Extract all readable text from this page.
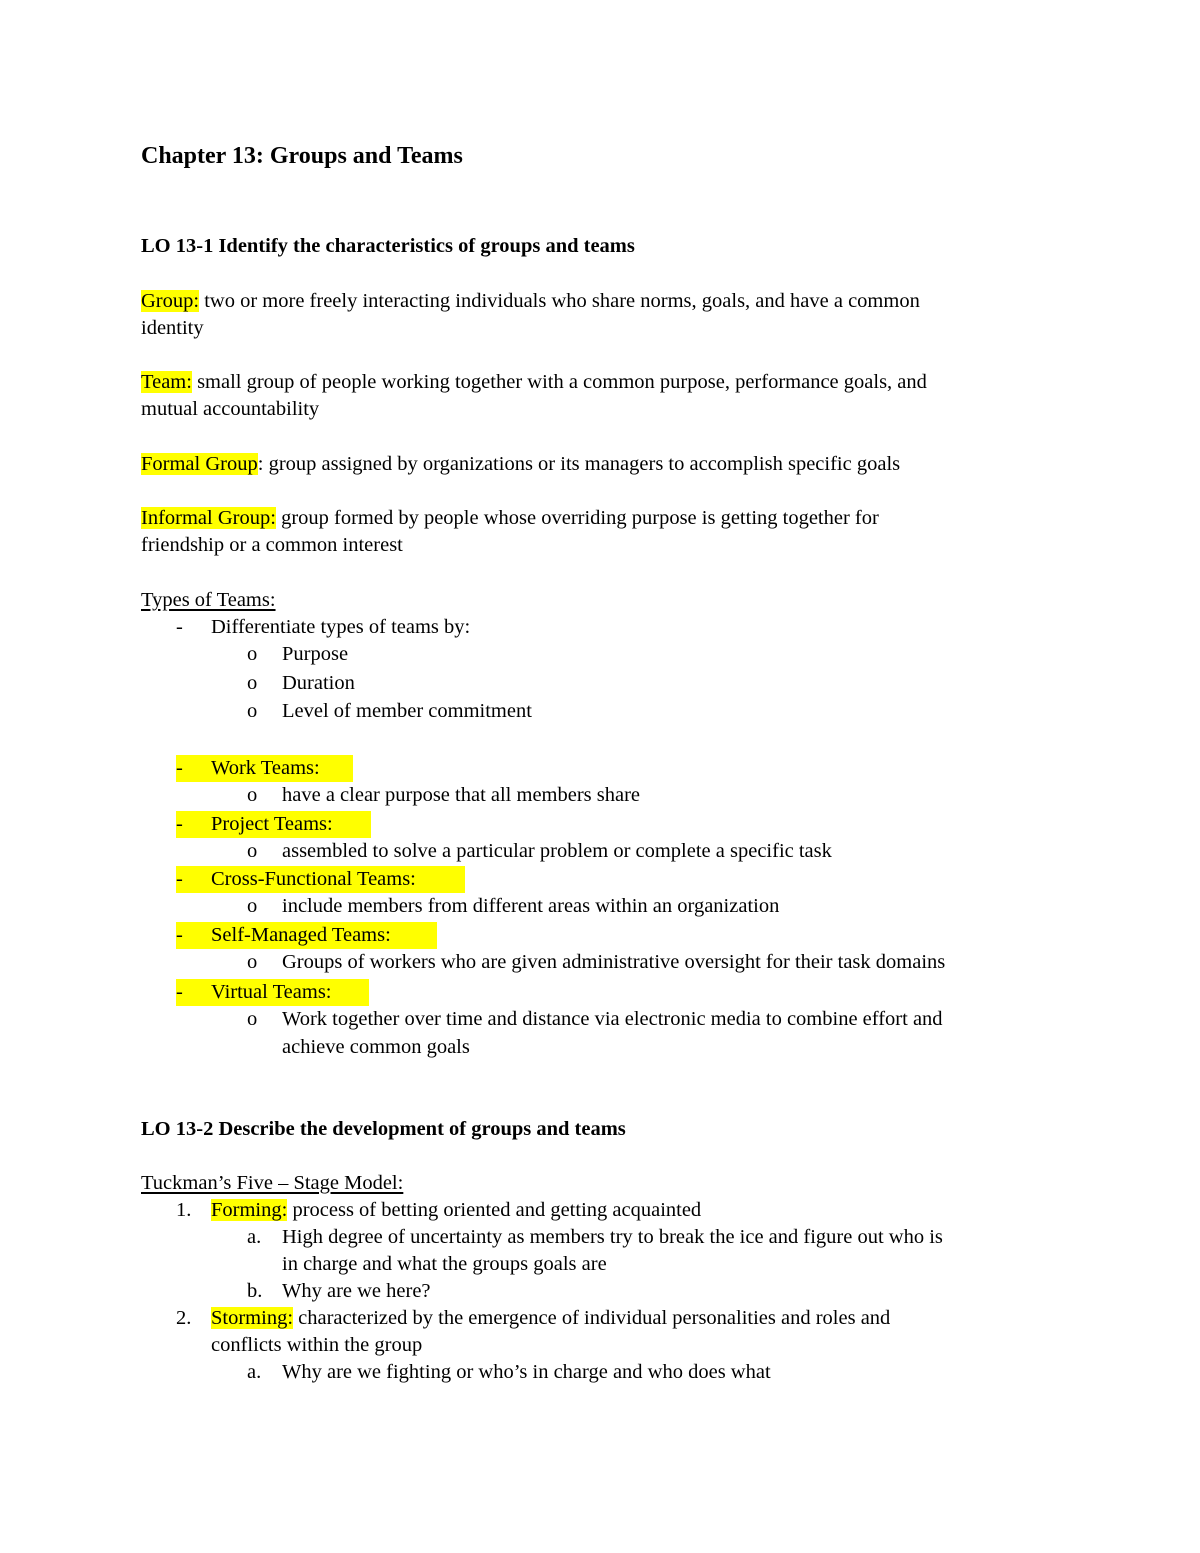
Chapter 13: Groups and Teams
LO 13-1 Identify the characteristics of groups and teams
Group: two or more freely interacting individuals who share norms, goals, and have a common
identity
Team: small group of people working together with a common purpose, performance goals, and
mutual accountability
Formal Group: group assigned by organizations or its managers to accomplish specific goals
Informal Group: group formed by people whose overriding purpose is getting together for
friendship or a common interest
Types of Teams:
- Differentiate types of teams by:
o Purpose
o Duration
o Level of member commitment
- Work Teams:
o have a clear purpose that all members share
- Project Teams:
o assembled to solve a particular problem or complete a specific task
- Cross-Functional Teams:
o include members from different areas within an organization
- Self-Managed Teams:
o Groups of workers who are given administrative oversight for their task domains
- Virtual Teams:
o Work together over time and distance via electronic media to combine effort and
achieve common goals
LO 13-2 Describe the development of groups and teams
Tuckman’s Five – Stage Model:
1. Forming: process of betting oriented and getting acquainted
a. High degree of uncertainty as members try to break the ice and figure out who is
in charge and what the groups goals are
b. Why are we here?
2. Storming: characterized by the emergence of individual personalities and roles and
conflicts within the group
a. Why are we fighting or who’s in charge and who does what
